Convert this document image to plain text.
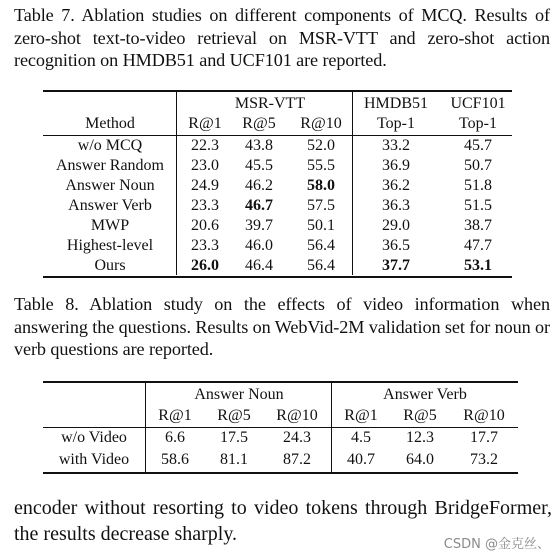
Table 7. Ablation studies on different components of MCQ. Results of zero-shot text-to-video retrieval on MSR-VTT and zero-shot action recognition on HMDB51 and UCF101 are reported.
MSR-VTT	HMDB51	UCF101
Method	R@1	R@5	R@10	Top-1	Top-1
w/o MCQ	22.3	43.8	52.0	33.2	45.7
Answer Random	23.0	45.5	55.5	36.9	50.7
Answer Noun	24.9	46.2	58.0	36.2	51.8
Answer Verb	23.3	46.7	57.5	36.3	51.5
MWP	20.6	39.7	50.1	29.0	38.7
Highest-level	23.3	46.0	56.4	36.5	47.7
Ours	26.0	46.4	56.4	37.7	53.1
Table 8. Ablation study on the effects of video information when answering the questions. Results on WebVid-2M validation set for noun or verb questions are reported.
Answer Noun	Answer Verb
R@1	R@5	R@10	R@1	R@5	R@10
w/o Video	6.6	17.5	24.3	4.5	12.3	17.7
with Video	58.6	81.1	87.2	40.7	64.0	73.2
encoder without resorting to video tokens through BridgeFormer, the results decrease sharply.	CSDN @金克丝、
